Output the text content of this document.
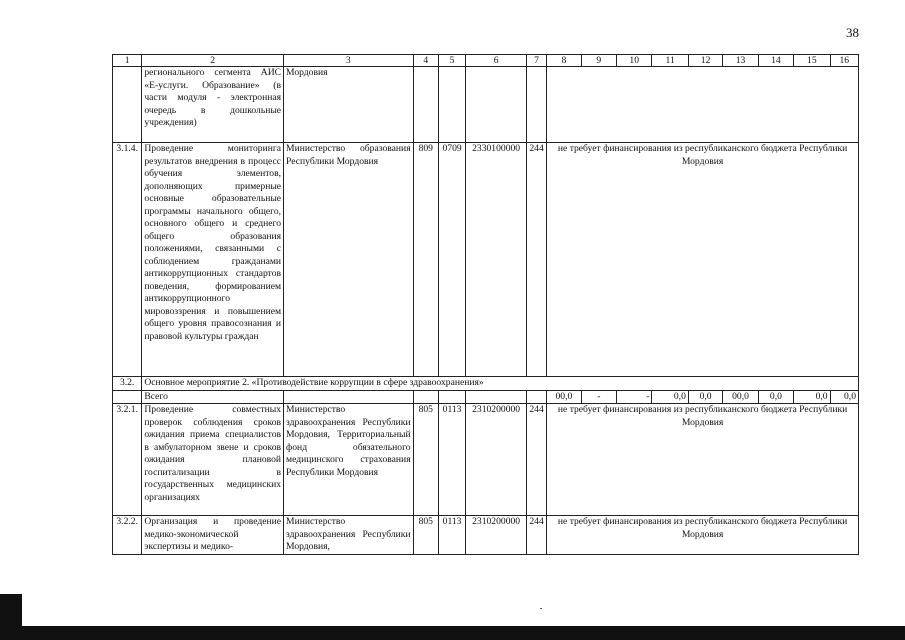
38
1	2	3	4	5	6	7	8	9	10	11	12	13	14	15	16
	регионального сегмента АИС «Е-услуги. Образование» (в части модуля - электронная очередь в дошкольные учреждения)	Мордовия													
3.1.4.	Проведение мониторинга результатов внедрения в процесс обучения элементов, дополняющих примерные основные образовательные программы начального общего, основного общего и среднего общего образования положениями, связанными с соблюдением гражданами антикоррупционных стандартов поведения, формированием антикоррупционного мировоззрения и повышением общего уровня правосознания и правовой культуры граждан	Министерство образования Республики Мордовия	809	0709	2330100000	244	не требует финансирования из республиканского бюджета Республики Мордовия								
3.2.	Основное мероприятие 2. «Противодействие коррупции в сфере здравоохранения»														
	Всего						00,0	-	-	0,0	0,0	00,0	0,0	0,0	0,0
3.2.1.	Проведение совместных проверок соблюдения сроков ожидания приема специалистов в амбулаторном звене и сроков ожидания плановой госпитализации в государственных медицинских организациях	Министерство здравоохранения Республики Мордовия, Территориальный фонд обязательного медицинского страхования Республики Мордовия	805	0113	2310200000	244	не требует финансирования из республиканского бюджета Республики Мордовия								
3.2.2.	Организация и проведение медико-экономической экспертизы и медико-	Министерство здравоохранения Республики Мордовия,	805	0113	2310200000	244	не требует финансирования из республиканского бюджета Республики Мордовия								
